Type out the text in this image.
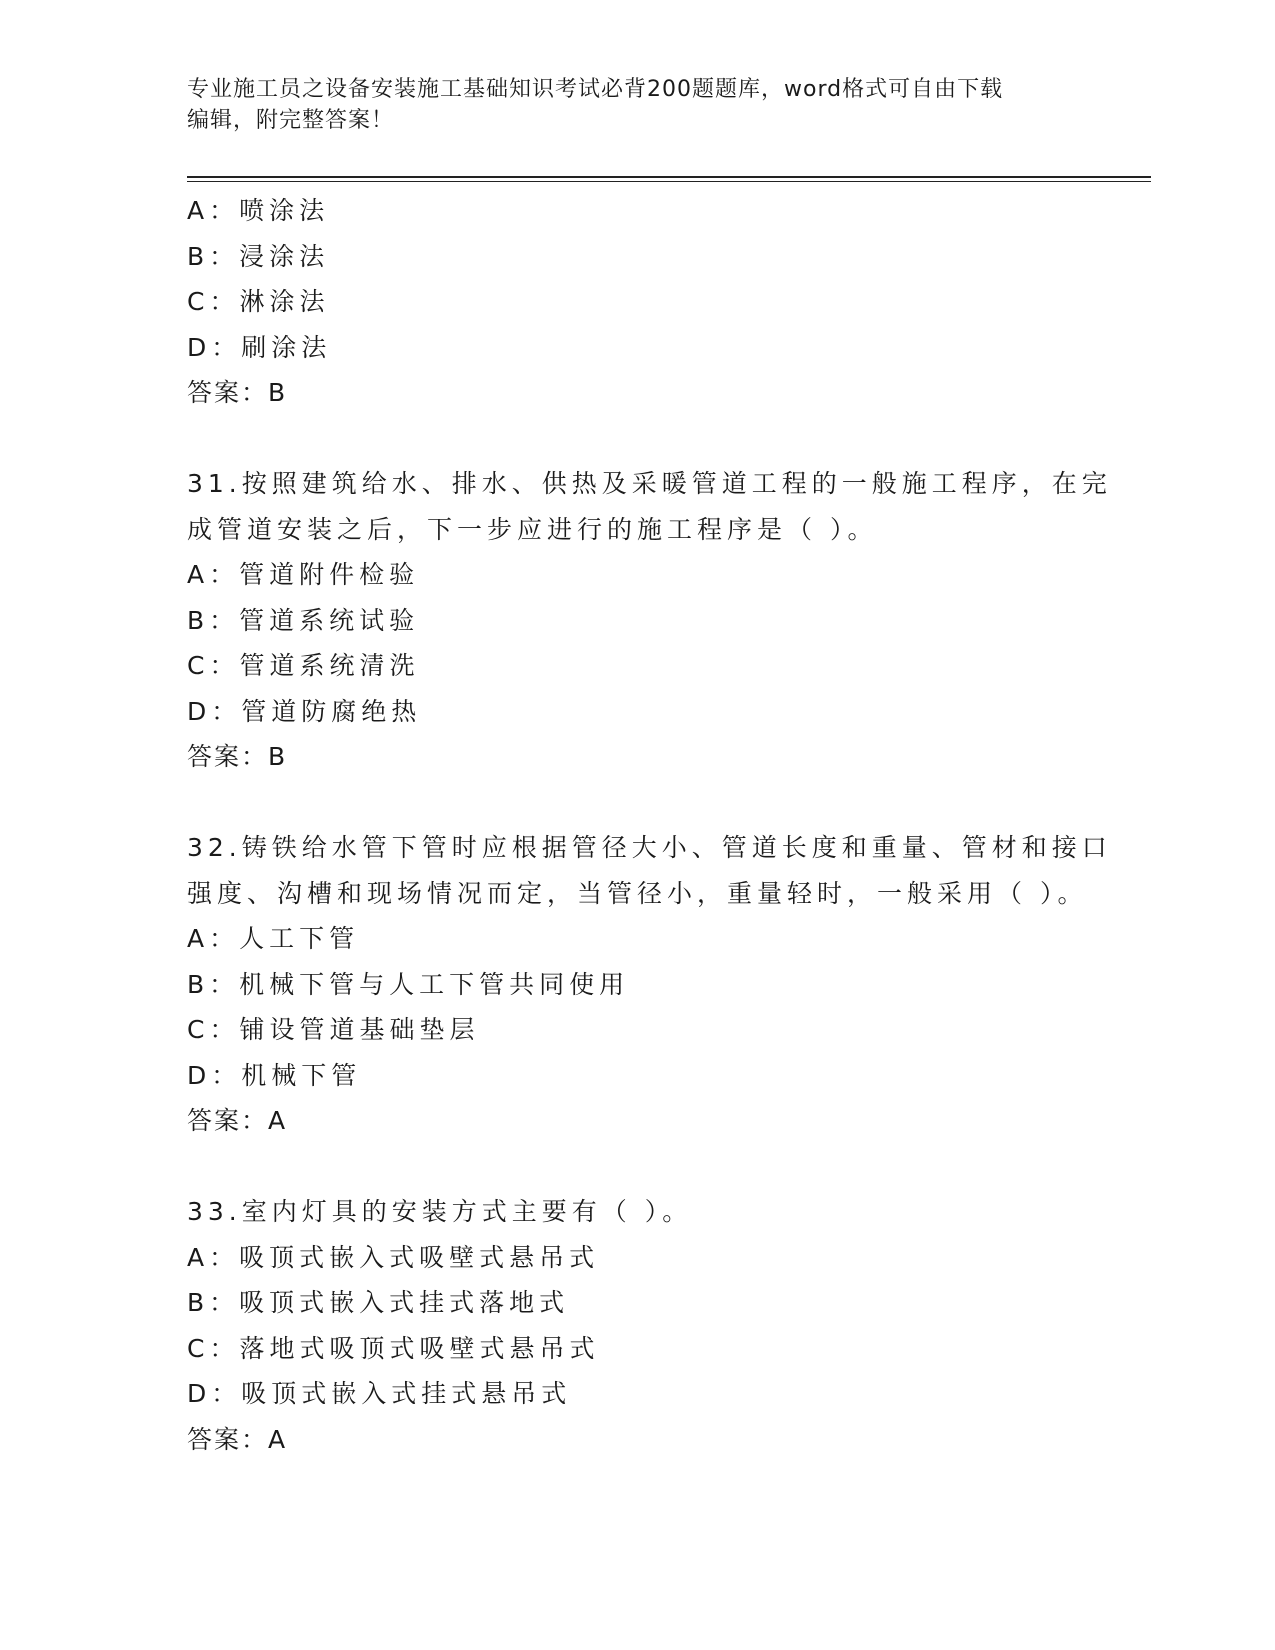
专业施工员之设备安装施工基础知识考试必背200题题库，word格式可自由下载
编辑，附完整答案！
A：喷涂法
B：浸涂法
C：淋涂法
D：刷涂法
答案：B
31.按照建筑给水、排水、供热及采暖管道工程的一般施工程序，在完
成管道安装之后，下一步应进行的施工程序是（ ）。
A：管道附件检验
B：管道系统试验
C：管道系统清洗
D：管道防腐绝热
答案：B
32.铸铁给水管下管时应根据管径大小、管道长度和重量、管材和接口
强度、沟槽和现场情况而定，当管径小，重量轻时，一般采用（ ）。
A：人工下管
B：机械下管与人工下管共同使用
C：铺设管道基础垫层
D：机械下管
答案：A
33.室内灯具的安装方式主要有（ ）。
A：吸顶式嵌入式吸壁式悬吊式
B：吸顶式嵌入式挂式落地式
C：落地式吸顶式吸壁式悬吊式
D：吸顶式嵌入式挂式悬吊式
答案：A
